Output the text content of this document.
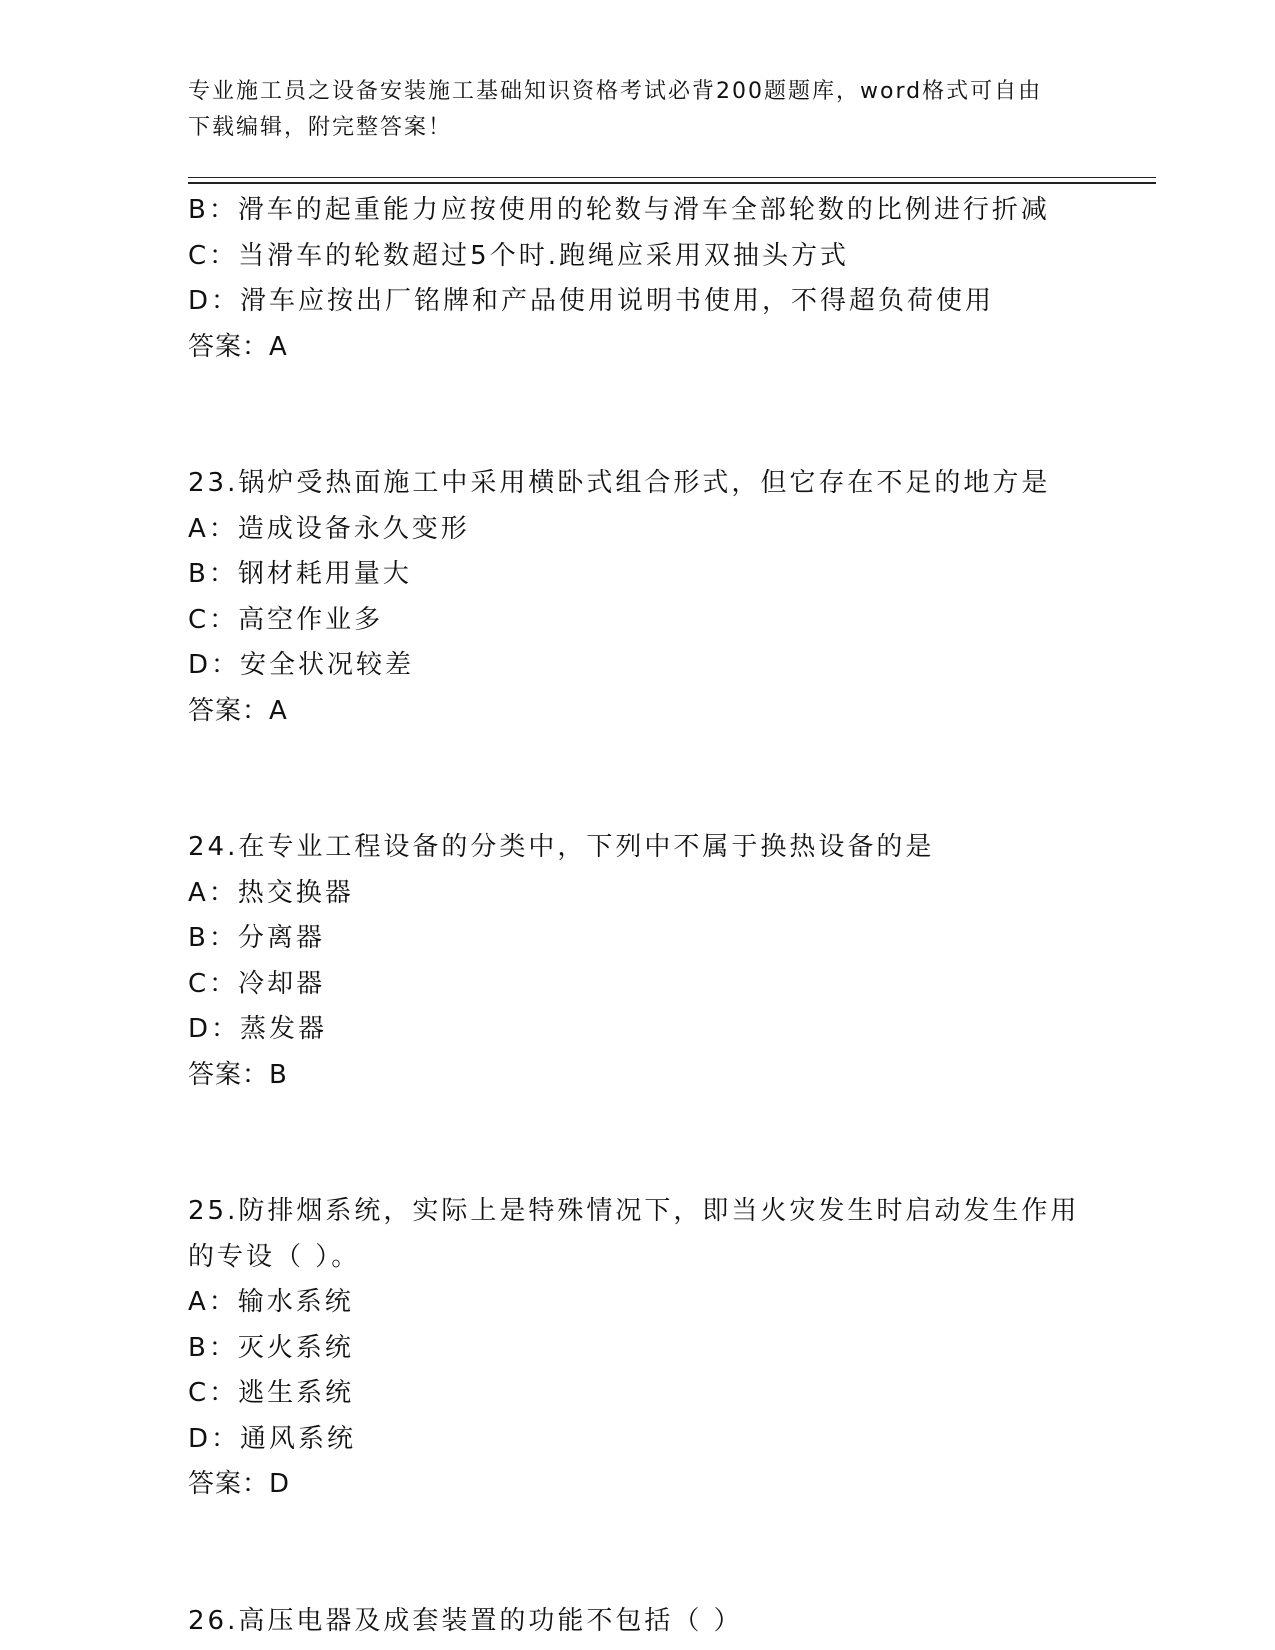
专业施工员之设备安装施工基础知识资格考试必背200题题库，word格式可自由
下载编辑，附完整答案！
B：滑车的起重能力应按使用的轮数与滑车全部轮数的比例进行折减
C：当滑车的轮数超过5个时.跑绳应采用双抽头方式
D：滑车应按出厂铭牌和产品使用说明书使用，不得超负荷使用
答案：A
23.锅炉受热面施工中采用横卧式组合形式，但它存在不足的地方是
A：造成设备永久变形
B：钢材耗用量大
C：高空作业多
D：安全状况较差
答案：A
24.在专业工程设备的分类中，下列中不属于换热设备的是
A：热交换器
B：分离器
C：冷却器
D：蒸发器
答案：B
25.防排烟系统，实际上是特殊情况下，即当火灾发生时启动发生作用
的专设（ ）。
A：输水系统
B：灭火系统
C：逃生系统
D：通风系统
答案：D
26.高压电器及成套装置的功能不包括（ ）
